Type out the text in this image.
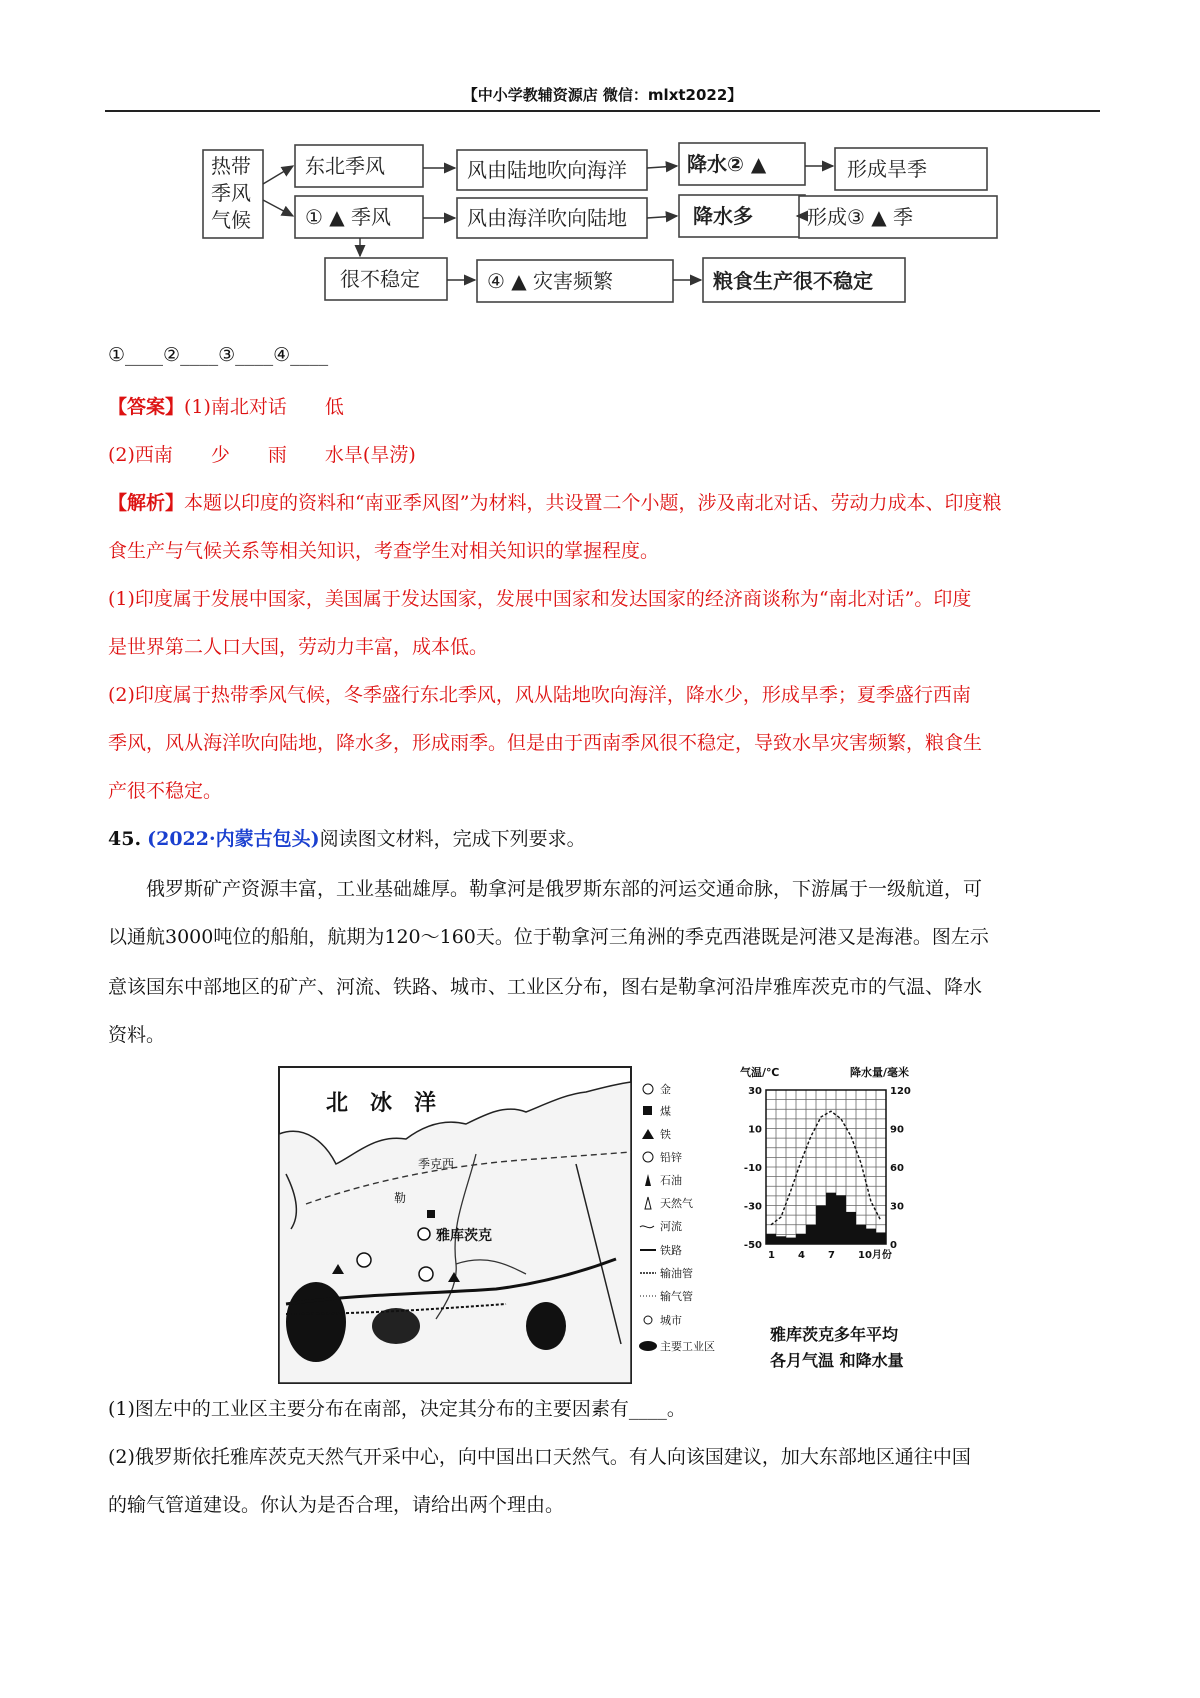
【中小学教辅资源店 微信：mlxt2022】
热带
季风
气候
东北季风	风由陆地吹向海洋	降水② ▲	形成旱季
① ▲ 季风	风由海洋吹向陆地	降水多	形成③ ▲ 季
很不稳定	④ ▲ 灾害频繁	粮食生产很不稳定
①____②____③____④____
【答案】(1)南北对话　　低
(2)西南　　少　　雨　　水旱(旱涝)
【解析】本题以印度的资料和“南亚季风图”为材料，共设置二个小题，涉及南北对话、劳动力成本、印度粮
食生产与气候关系等相关知识，考查学生对相关知识的掌握程度。
(1)印度属于发展中国家，美国属于发达国家，发展中国家和发达国家的经济商谈称为“南北对话”。印度
是世界第二人口大国，劳动力丰富，成本低。
(2)印度属于热带季风气候，冬季盛行东北季风，风从陆地吹向海洋，降水少，形成旱季；夏季盛行西南
季风，风从海洋吹向陆地，降水多，形成雨季。但是由于西南季风很不稳定，导致水旱灾害频繁，粮食生
产很不稳定。
45. (2022·内蒙古包头)阅读图文材料，完成下列要求。
俄罗斯矿产资源丰富，工业基础雄厚。勒拿河是俄罗斯东部的河运交通命脉，下游属于一级航道，可
以通航3000吨位的船舶，航期为120～160天。位于勒拿河三角洲的季克西港既是河港又是海港。图左示
意该国东中部地区的矿产、河流、铁路、城市、工业区分布，图右是勒拿河沿岸雅库茨克市的气温、降水
资料。
北　冰　洋
季克西
勒
雅库茨克
金
煤
铁
铅锌
石油
天然气
河流
铁路
输油管
输气管
城市
主要工业区
气温/℃	降水量/毫米
30
10
-10
-30
-50
120
90
60
30
0
1 4 7 10月份
雅库茨克多年平均
各月气温 和降水量
(1)图左中的工业区主要分布在南部，决定其分布的主要因素有____。
(2)俄罗斯依托雅库茨克天然气开采中心，向中国出口天然气。有人向该国建议，加大东部地区通往中国
的输气管道建设。你认为是否合理，请给出两个理由。
